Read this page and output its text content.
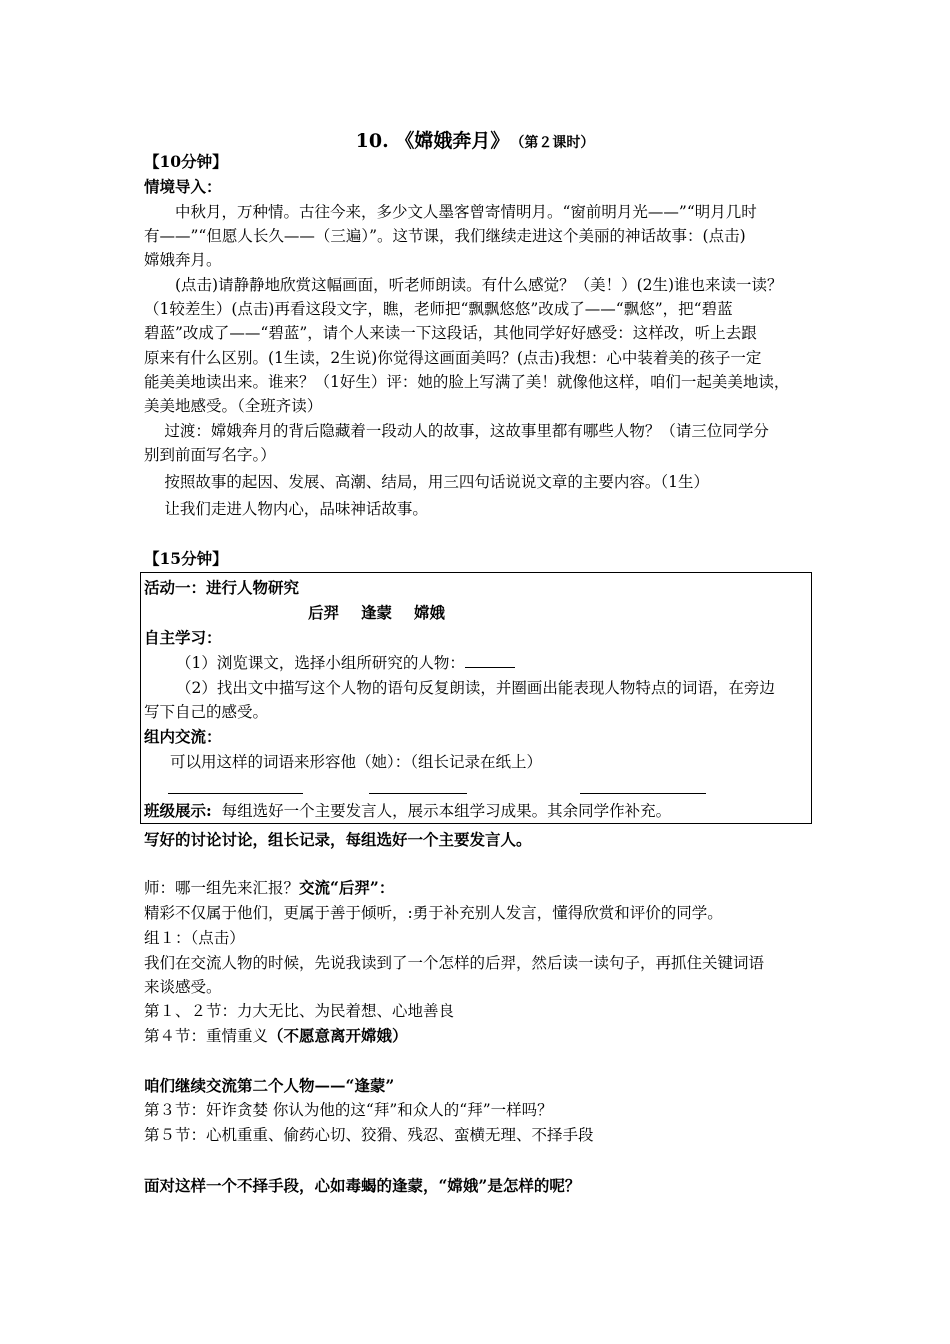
10. 《嫦娥奔月》 （第２课时）
【10分钟】
情境导入：
　　中秋月，万种情。古往今来，多少文人墨客曾寄情明月。“窗前明月光——”“明月几时
有——”“但愿人长久——（三遍）”。这节课，我们继续走进这个美丽的神话故事：(点击)
嫦娥奔月。
　　(点击)请静静地欣赏这幅画面，听老师朗读。有什么感觉？（美！）(2生)谁也来读一读？
（1较差生）(点击)再看这段文字，瞧，老师把“飘飘悠悠”改成了——“飘悠”，把“碧蓝
碧蓝”改成了——“碧蓝”，请个人来读一下这段话，其他同学好好感受：这样改，听上去跟
原来有什么区别。(1生读，2生说)你觉得这画面美吗？(点击)我想：心中装着美的孩子一定
能美美地读出来。谁来？（1好生）评：她的脸上写满了美！就像他这样，咱们一起美美地读，
美美地感受。（全班齐读）
　 过渡：嫦娥奔月的背后隐藏着一段动人的故事，这故事里都有哪些人物？（请三位同学分
别到前面写名字。）
　 按照故事的起因、发展、高潮、结局，用三四句话说说文章的主要内容。（1生）
　 让我们走进人物内心，品味神话故事。
【15分钟】
活动一：进行人物研究
后羿 逢蒙 嫦娥
自主学习：
（1）浏览课文，选择小组所研究的人物：
（2）找出文中描写这个人物的语句反复朗读，并圈画出能表现人物特点的词语，在旁边
写下自己的感受。
组内交流：
可以用这样的词语来形容他（她）：（组长记录在纸上）
班级展示: 每组选好一个主要发言人，展示本组学习成果。其余同学作补充。
写好的讨论讨论，组长记录，每组选好一个主要发言人。
师：哪一组先来汇报？交流“后羿”：
精彩不仅属于他们，更属于善于倾听，:勇于补充别人发言，懂得欣赏和评价的同学。
组１：（点击）
我们在交流人物的时候，先说我读到了一个怎样的后羿，然后读一读句子，再抓住关键词语
来谈感受。
第１、２节：力大无比、为民着想、心地善良
第４节：重情重义（不愿意离开嫦娥）
咱们继续交流第二个人物——“逢蒙”
第３节：奸诈贪婪 你认为他的这“拜”和众人的“拜”一样吗？
第５节：心机重重、偷药心切、狡猾、残忍、蛮横无理、不择手段
面对这样一个不择手段，心如毒蝎的逢蒙，“嫦娥”是怎样的呢？
